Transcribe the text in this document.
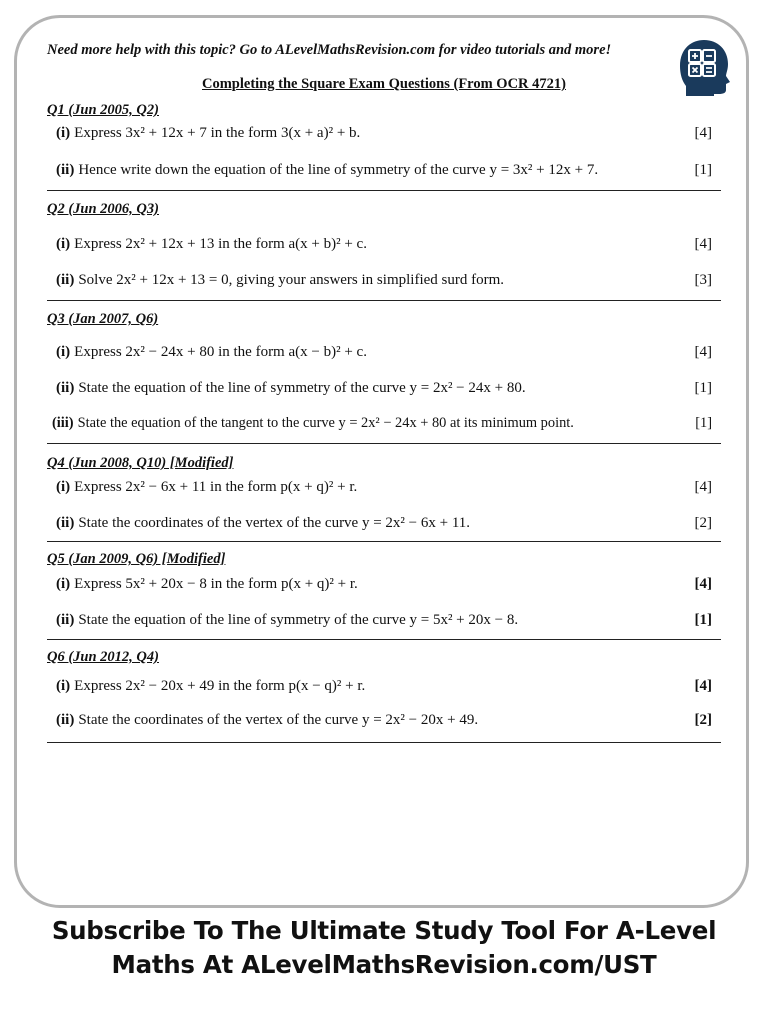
Need more help with this topic? Go to ALevelMathsRevision.com for video tutorials and more!
Completing the Square Exam Questions (From OCR 4721)
Q1 (Jun 2005, Q2)
(i) Express 3x² + 12x + 7 in the form 3(x + a)² + b.	[4]
(ii) Hence write down the equation of the line of symmetry of the curve y = 3x² + 12x + 7.	[1]
Q2 (Jun 2006, Q3)
(i) Express 2x² + 12x + 13 in the form a(x + b)² + c.	[4]
(ii) Solve 2x² + 12x + 13 = 0, giving your answers in simplified surd form.	[3]
Q3 (Jan 2007, Q6)
(i) Express 2x² − 24x + 80 in the form a(x − b)² + c.	[4]
(ii) State the equation of the line of symmetry of the curve y = 2x² − 24x + 80.	[1]
(iii) State the equation of the tangent to the curve y = 2x² − 24x + 80 at its minimum point.	[1]
Q4 (Jun 2008, Q10) [Modified]
(i) Express 2x² − 6x + 11 in the form p(x + q)² + r.	[4]
(ii) State the coordinates of the vertex of the curve y = 2x² − 6x + 11.	[2]
Q5 (Jan 2009, Q6) [Modified]
(i) Express 5x² + 20x − 8 in the form p(x + q)² + r.	[4]
(ii) State the equation of the line of symmetry of the curve y = 5x² + 20x − 8.	[1]
Q6 (Jun 2012, Q4)
(i) Express 2x² − 20x + 49 in the form p(x − q)² + r.	[4]
(ii) State the coordinates of the vertex of the curve y = 2x² − 20x + 49.	[2]
Subscribe To The Ultimate Study Tool For A-Level
Maths At ALevelMathsRevision.com/UST
